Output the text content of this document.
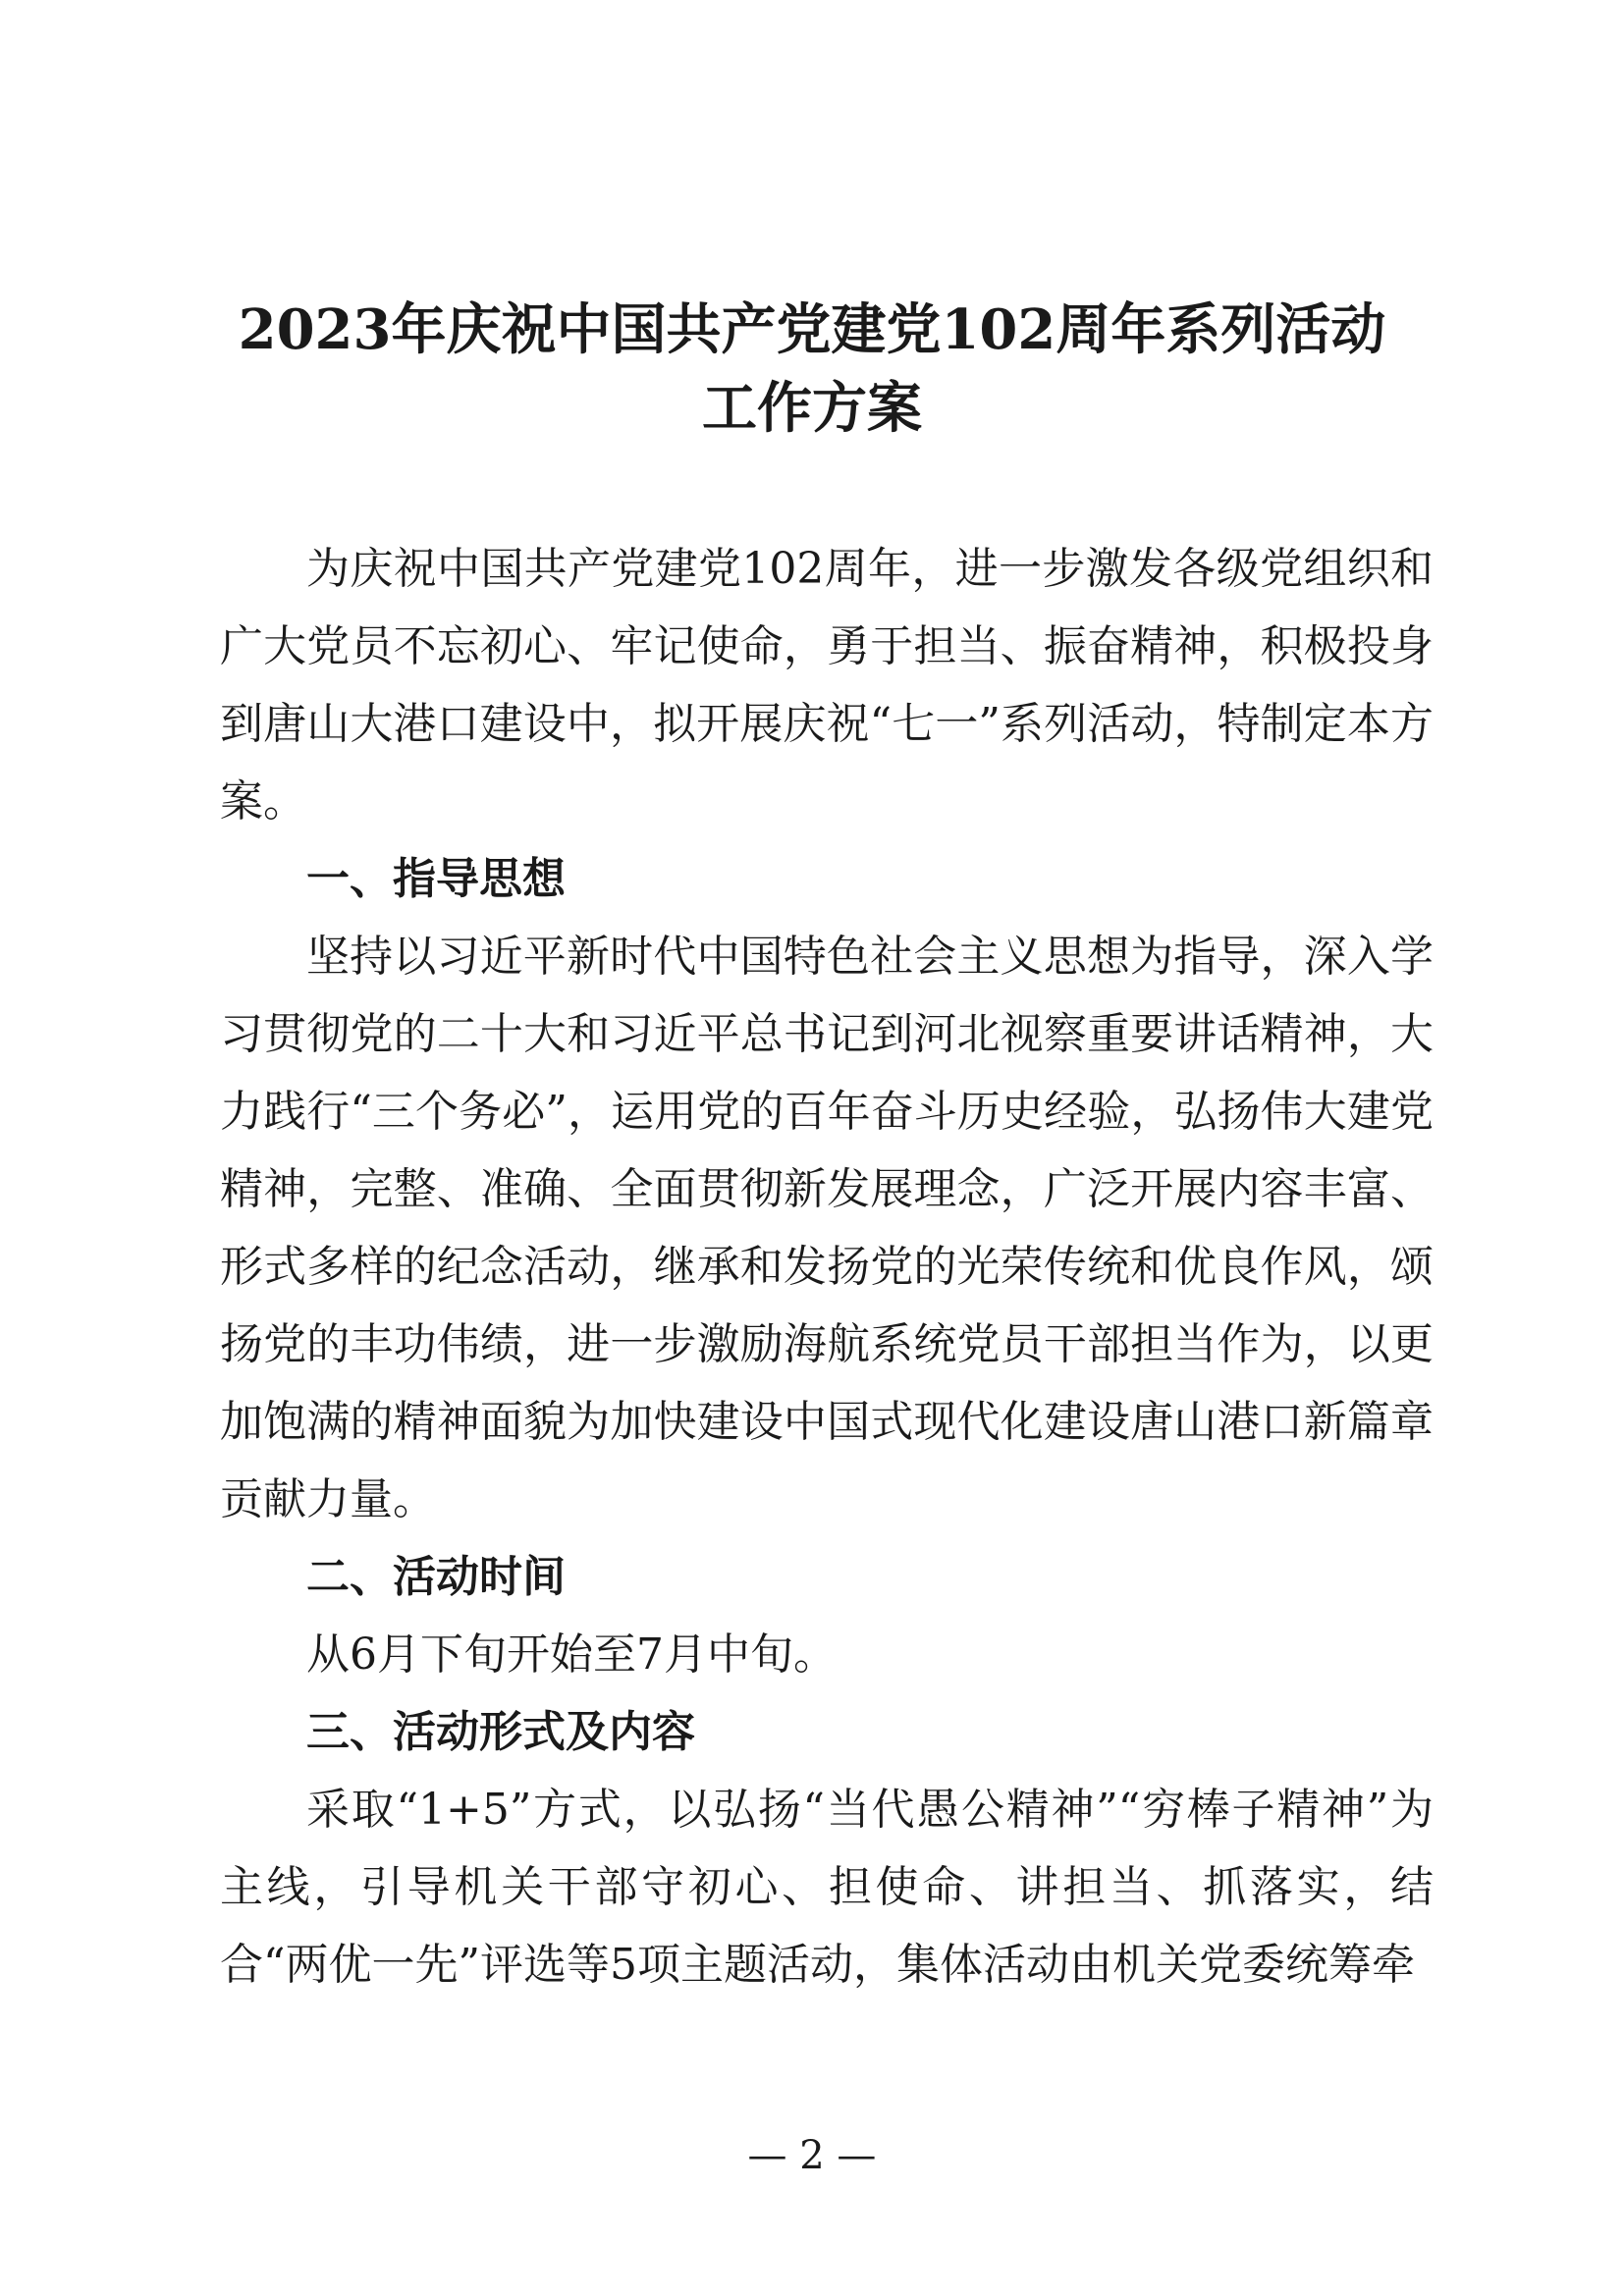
2023年庆祝中国共产党建党102周年系列活动
工作方案

为庆祝中国共产党建党102周年，进一步激发各级党组织和广大党员不忘初心、牢记使命，勇于担当、振奋精神，积极投身到唐山大港口建设中，拟开展庆祝“七一”系列活动，特制定本方案。

一、指导思想

坚持以习近平新时代中国特色社会主义思想为指导，深入学习贯彻党的二十大和习近平总书记到河北视察重要讲话精神，大力践行“三个务必”，运用党的百年奋斗历史经验，弘扬伟大建党精神，完整、准确、全面贯彻新发展理念，广泛开展内容丰富、形式多样的纪念活动，继承和发扬党的光荣传统和优良作风，颂扬党的丰功伟绩，进一步激励海航系统党员干部担当作为，以更加饱满的精神面貌为加快建设中国式现代化建设唐山港口新篇章贡献力量。

二、活动时间

从6月下旬开始至7月中旬。

三、活动形式及内容

采取“1+5”方式，以弘扬“当代愚公精神”“穷棒子精神”为主线，引导机关干部守初心、担使命、讲担当、抓落实，结合“两优一先”评选等5项主题活动，集体活动由机关党委统筹牵

— 2 —
